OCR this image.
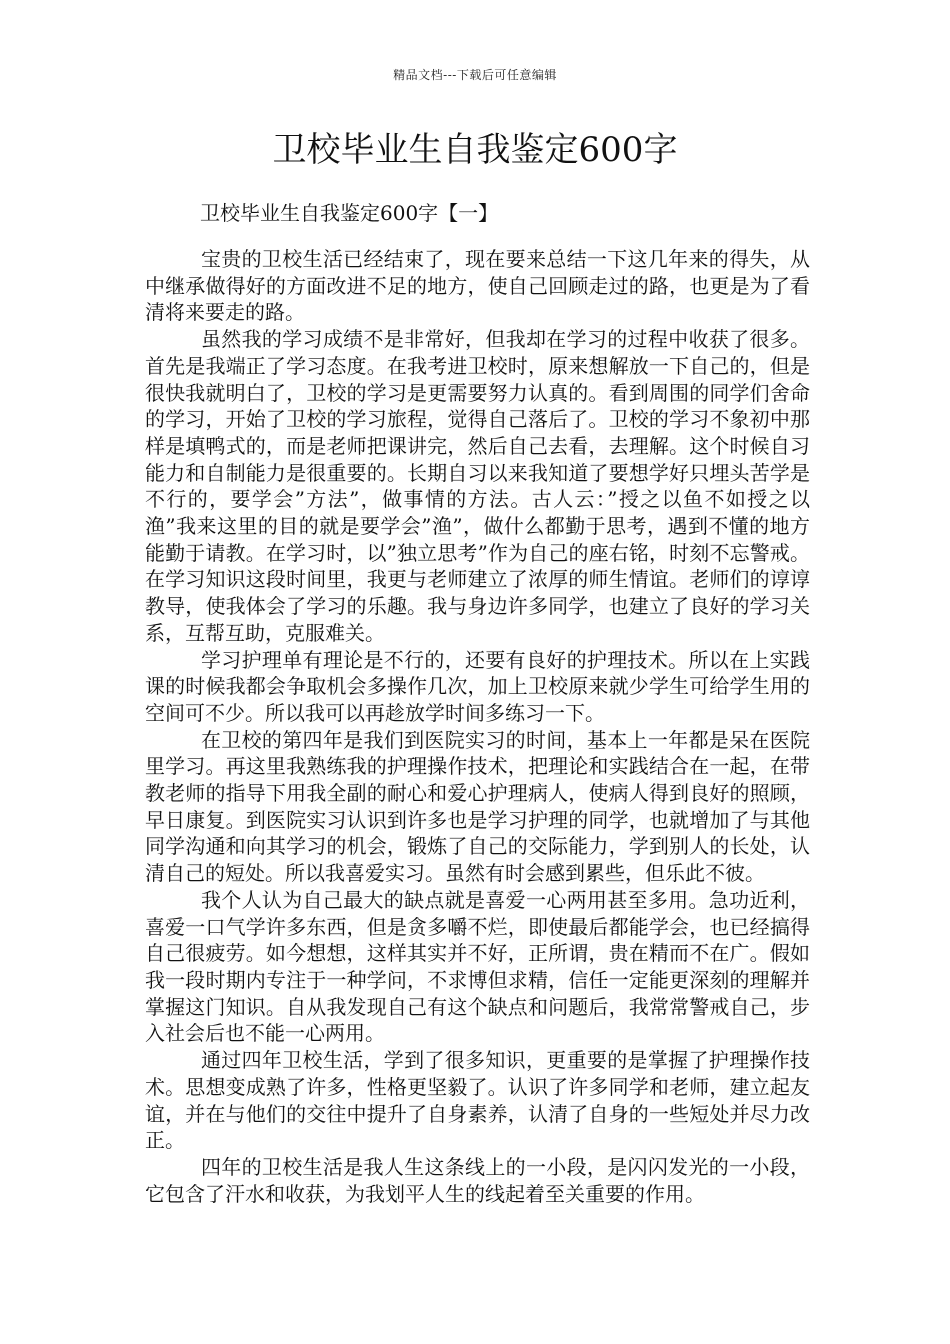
精品文档---下载后可任意编辑
卫校毕业生自我鉴定600字

卫校毕业生自我鉴定600字【一】

宝贵的卫校生活已经结束了，现在要来总结一下这几年来的得失，从中继承做得好的方面改进不足的地方，使自己回顾走过的路，也更是为了看清将来要走的路。

虽然我的学习成绩不是非常好，但我却在学习的过程中收获了很多。首先是我端正了学习态度。在我考进卫校时，原来想解放一下自己的，但是很快我就明白了，卫校的学习是更需要努力认真的。看到周围的同学们舍命的学习，开始了卫校的学习旅程，觉得自己落后了。卫校的学习不象初中那样是填鸭式的，而是老师把课讲完，然后自己去看，去理解。这个时候自习能力和自制能力是很重要的。长期自习以来我知道了要想学好只埋头苦学是不行的，要学会”方法”，做事情的方法。古人云：”授之以鱼不如授之以渔”我来这里的目的就是要学会”渔”，做什么都勤于思考，遇到不懂的地方能勤于请教。在学习时，以”独立思考”作为自己的座右铭，时刻不忘警戒。在学习知识这段时间里，我更与老师建立了浓厚的师生情谊。老师们的谆谆教导，使我体会了学习的乐趣。我与身边许多同学，也建立了良好的学习关系，互帮互助，克服难关。

学习护理单有理论是不行的，还要有良好的护理技术。所以在上实践课的时候我都会争取机会多操作几次，加上卫校原来就少学生可给学生用的空间可不少。所以我可以再趁放学时间多练习一下。

在卫校的第四年是我们到医院实习的时间，基本上一年都是呆在医院里学习。再这里我熟练我的护理操作技术，把理论和实践结合在一起，在带教老师的指导下用我全副的耐心和爱心护理病人，使病人得到良好的照顾，早日康复。到医院实习认识到许多也是学习护理的同学，也就增加了与其他同学沟通和向其学习的机会，锻炼了自己的交际能力，学到别人的长处，认清自己的短处。所以我喜爱实习。虽然有时会感到累些，但乐此不彼。

我个人认为自己最大的缺点就是喜爱一心两用甚至多用。急功近利，喜爱一口气学许多东西，但是贪多嚼不烂，即使最后都能学会，也已经搞得自己很疲劳。如今想想，这样其实并不好，正所谓，贵在精而不在广。假如我一段时期内专注于一种学问，不求博但求精，信任一定能更深刻的理解并掌握这门知识。自从我发现自己有这个缺点和问题后，我常常警戒自己，步入社会后也不能一心两用。

通过四年卫校生活，学到了很多知识，更重要的是掌握了护理操作技术。思想变成熟了许多，性格更坚毅了。认识了许多同学和老师，建立起友谊，并在与他们的交往中提升了自身素养，认清了自身的一些短处并尽力改正。

四年的卫校生活是我人生这条线上的一小段，是闪闪发光的一小段，它包含了汗水和收获，为我划平人生的线起着至关重要的作用。
